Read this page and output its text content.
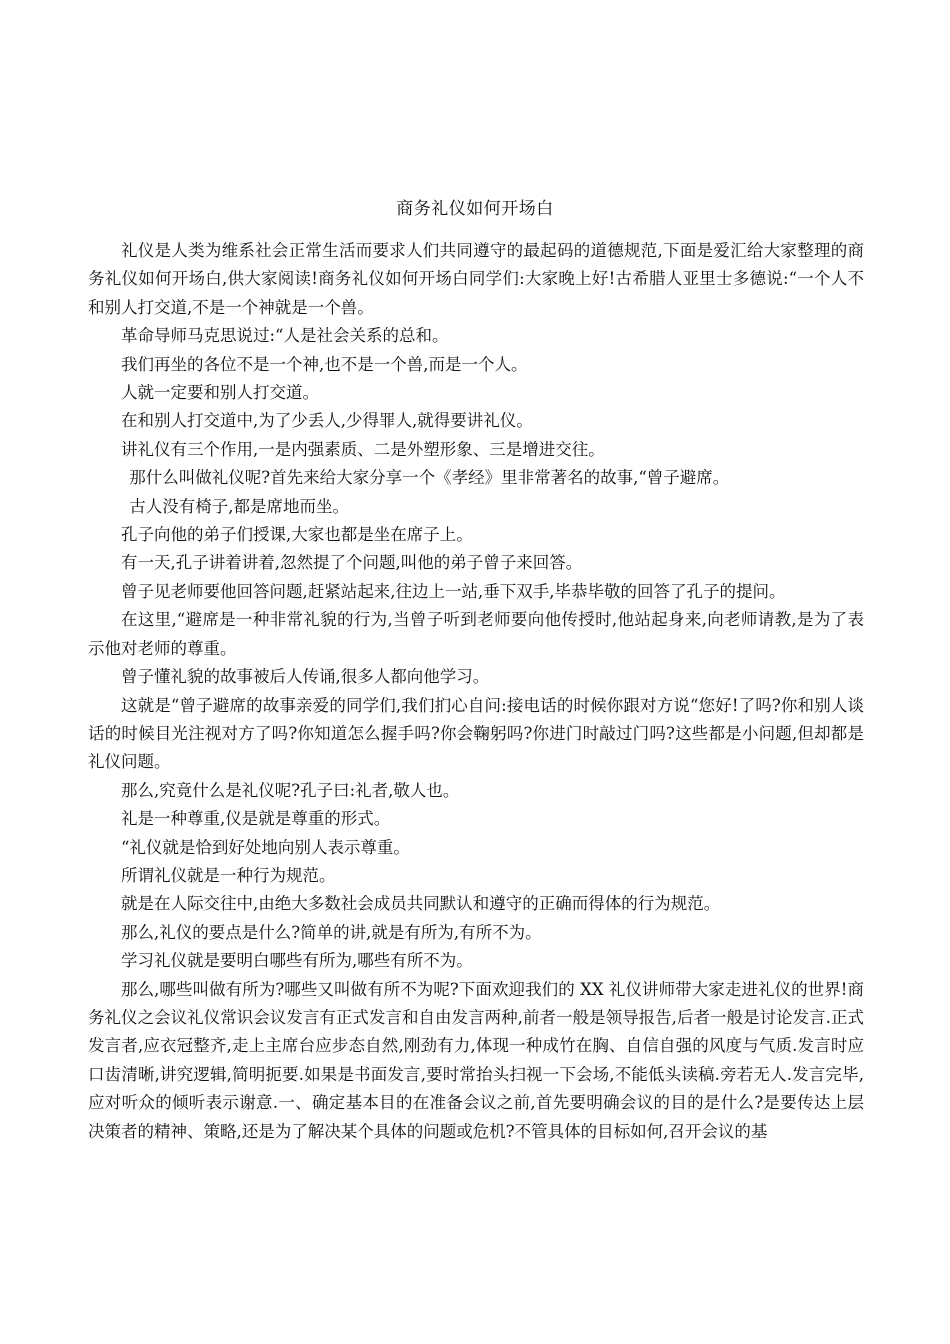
商务礼仪如何开场白

礼仪是人类为维系社会正常生活而要求人们共同遵守的最起码的道德规范,下面是爱汇给大家整理的商务礼仪如何开场白,供大家阅读!商务礼仪如何开场白同学们:大家晚上好!古希腊人亚里士多德说:“一个人不和别人打交道,不是一个神就是一个兽。

革命导师马克思说过:“人是社会关系的总和。

我们再坐的各位不是一个神,也不是一个兽,而是一个人。

人就一定要和别人打交道。

在和别人打交道中,为了少丢人,少得罪人,就得要讲礼仪。

讲礼仪有三个作用,一是内强素质、二是外塑形象、三是增进交往。

那什么叫做礼仪呢?首先来给大家分享一个《孝经》里非常著名的故事,“曾子避席。

古人没有椅子,都是席地而坐。

孔子向他的弟子们授课,大家也都是坐在席子上。

有一天,孔子讲着讲着,忽然提了个问题,叫他的弟子曾子来回答。

曾子见老师要他回答问题,赶紧站起来,往边上一站,垂下双手,毕恭毕敬的回答了孔子的提问。

在这里,“避席是一种非常礼貌的行为,当曾子听到老师要向他传授时,他站起身来,向老师请教,是为了表示他对老师的尊重。

曾子懂礼貌的故事被后人传诵,很多人都向他学习。

这就是“曾子避席的故事亲爱的同学们,我们扪心自问:接电话的时候你跟对方说“您好!了吗?你和别人谈话的时候目光注视对方了吗?你知道怎么握手吗?你会鞠躬吗?你进门时敲过门吗?这些都是小问题,但却都是礼仪问题。

那么,究竟什么是礼仪呢?孔子曰:礼者,敬人也。

礼是一种尊重,仪是就是尊重的形式。

“礼仪就是恰到好处地向别人表示尊重。

所谓礼仪就是一种行为规范。

就是在人际交往中,由绝大多数社会成员共同默认和遵守的正确而得体的行为规范。

那么,礼仪的要点是什么?简单的讲,就是有所为,有所不为。

学习礼仪就是要明白哪些有所为,哪些有所不为。

那么,哪些叫做有所为?哪些又叫做有所不为呢?下面欢迎我们的 XX 礼仪讲师带大家走进礼仪的世界!商务礼仪之会议礼仪常识会议发言有正式发言和自由发言两种,前者一般是领导报告,后者一般是讨论发言.正式发言者,应衣冠整齐,走上主席台应步态自然,刚劲有力,体现一种成竹在胸、自信自强的风度与气质.发言时应口齿清晰,讲究逻辑,简明扼要.如果是书面发言,要时常抬头扫视一下会场,不能低头读稿.旁若无人.发言完毕,应对听众的倾听表示谢意.一、确定基本目的在准备会议之前,首先要明确会议的目的是什么?是要传达上层决策者的精神、策略,还是为了解决某个具体的问题或危机?不管具体的目标如何,召开会议的基
